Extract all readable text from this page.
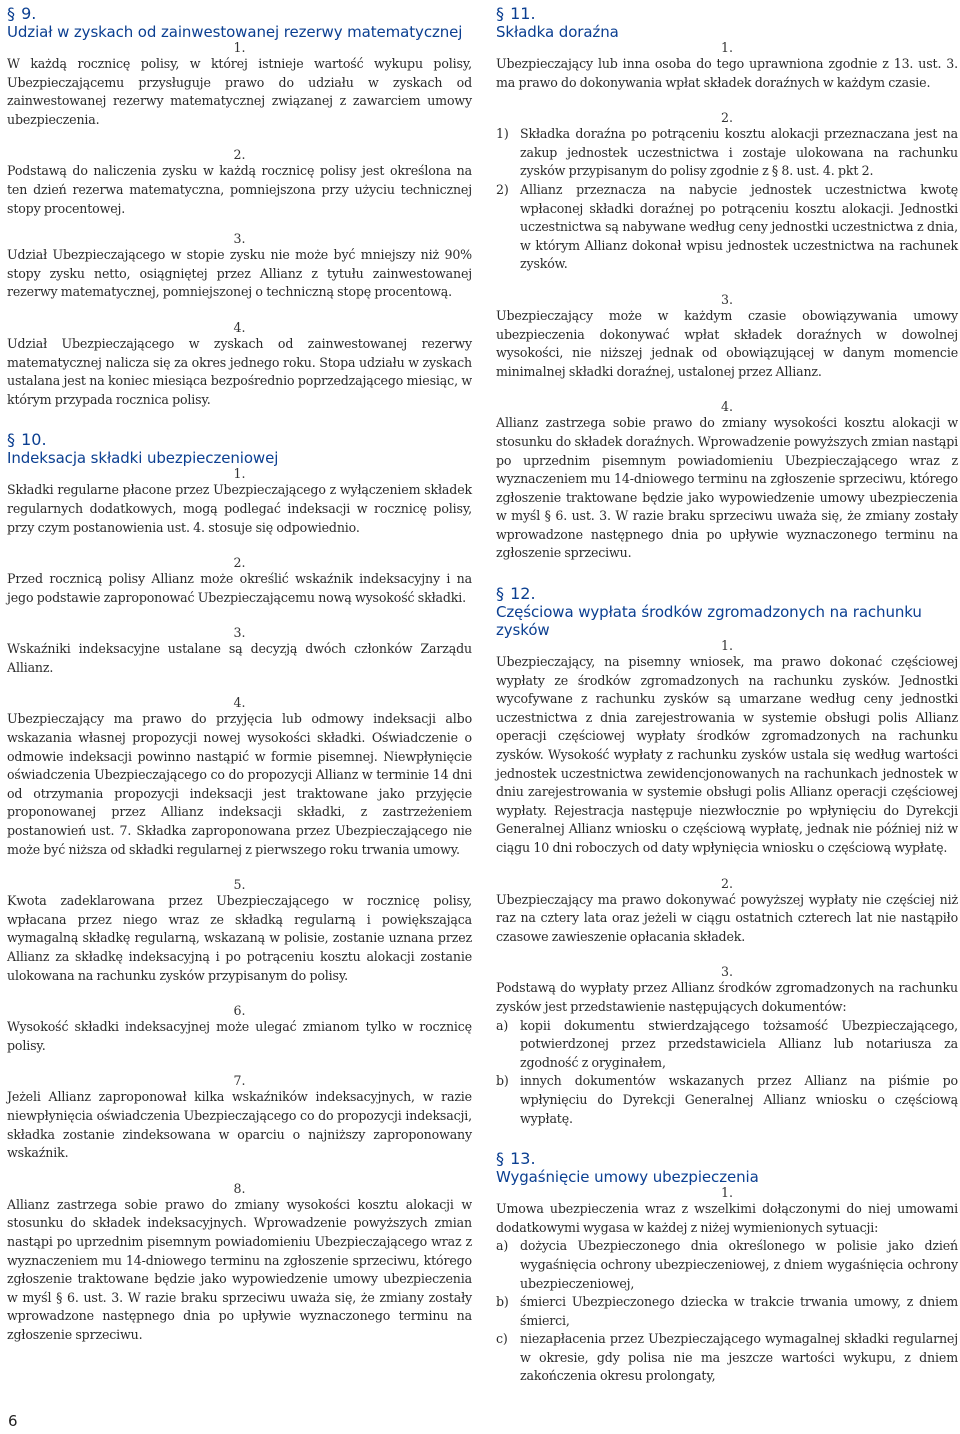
§ 9.

Udział w zyskach od zainwestowanej rezerwy matematycznej

1.

W każdą rocznicę polisy, w której istnieje wartość wykupu polisy, Ubezpieczającemu przysługuje prawo do udziału w zyskach od zainwestowanej rezerwy matematycznej związanej z zawarciem umowy ubezpieczenia.

2.

Podstawą do naliczenia zysku w każdą rocznicę polisy jest określona na ten dzień rezerwa matematyczna, pomniejszona przy użyciu technicznej stopy procentowej.

3.

Udział Ubezpieczającego w stopie zysku nie może być mniejszy niż 90% stopy zysku netto, osiągniętej przez Allianz z tytułu zainwestowanej rezerwy matematycznej, pomniejszonej o techniczną stopę procentową.

4.

Udział Ubezpieczającego w zyskach od zainwestowanej rezerwy matematycznej nalicza się za okres jednego roku. Stopa udziału w zyskach ustalana jest na koniec miesiąca bezpośrednio poprzedzającego miesiąc, w którym przypada rocznica polisy.

§ 10.

Indeksacja składki ubezpieczeniowej

1.

Składki regularne płacone przez Ubezpieczającego z wyłączeniem składek regularnych dodatkowych, mogą podlegać indeksacji w rocznicę polisy, przy czym postanowienia ust. 4. stosuje się odpowiednio.

2.

Przed rocznicą polisy Allianz może określić wskaźnik indeksacyjny i na jego podstawie zaproponować Ubezpieczającemu nową wysokość składki.

3.

Wskaźniki indeksacyjne ustalane są decyzją dwóch członków Zarządu Allianz.

4.

Ubezpieczający ma prawo do przyjęcia lub odmowy indeksacji albo wskazania własnej propozycji nowej wysokości składki. Oświadczenie o odmowie indeksacji powinno nastąpić w formie pisemnej. Niewpłynięcie oświadczenia Ubezpieczającego co do propozycji Allianz w terminie 14 dni od otrzymania propozycji indeksacji jest traktowane jako przyjęcie proponowanej przez Allianz indeksacji składki, z zastrzeżeniem postanowień ust. 7. Składka zaproponowana przez Ubezpieczającego nie może być niższa od składki regularnej z pierwszego roku trwania umowy.

5.

Kwota zadeklarowana przez Ubezpieczającego w rocznicę polisy, wpłacana przez niego wraz ze składką regularną i powiększająca wymagalną składkę regularną, wskazaną w polisie, zostanie uznana przez Allianz za składkę indeksacyjną i po potrąceniu kosztu alokacji zostanie ulokowana na rachunku zysków przypisanym do polisy.

6.

Wysokość składki indeksacyjnej może ulegać zmianom tylko w rocznicę polisy.

7.

Jeżeli Allianz zaproponował kilka wskaźników indeksacyjnych, w razie niewpłynięcia oświadczenia Ubezpieczającego co do propozycji indeksacji, składka zostanie zindeksowana w oparciu o najniższy zaproponowany wskaźnik.

8.

Allianz zastrzega sobie prawo do zmiany wysokości kosztu alokacji w stosunku do składek indeksacyjnych. Wprowadzenie powyższych zmian nastąpi po uprzednim pisemnym powiadomieniu Ubezpieczającego wraz z wyznaczeniem mu 14-dniowego terminu na zgłoszenie sprzeciwu, którego zgłoszenie traktowane będzie jako wypowiedzenie umowy ubezpieczenia w myśl § 6. ust. 3. W razie braku sprzeciwu uważa się, że zmiany zostały wprowadzone następnego dnia po upływie wyznaczonego terminu na zgłoszenie sprzeciwu.

§ 11.

Składka doraźna

1.

Ubezpieczający lub inna osoba do tego uprawniona zgodnie z 13. ust. 3. ma prawo do dokonywania wpłat składek doraźnych w każdym czasie.

2.

1) Składka doraźna po potrąceniu kosztu alokacji przeznaczana jest na zakup jednostek uczestnictwa i zostaje ulokowana na rachunku zysków przypisanym do polisy zgodnie z § 8. ust. 4. pkt 2.
2) Allianz przeznacza na nabycie jednostek uczestnictwa kwotę wpłaconej składki doraźnej po potrąceniu kosztu alokacji. Jednostki uczestnictwa są nabywane według ceny jednostki uczestnictwa z dnia, w którym Allianz dokonał wpisu jednostek uczestnictwa na rachunek zysków.

3.

Ubezpieczający może w każdym czasie obowiązywania umowy ubezpieczenia dokonywać wpłat składek doraźnych w dowolnej wysokości, nie niższej jednak od obowiązującej w danym momencie minimalnej składki doraźnej, ustalonej przez Allianz.

4.

Allianz zastrzega sobie prawo do zmiany wysokości kosztu alokacji w stosunku do składek doraźnych. Wprowadzenie powyższych zmian nastąpi po uprzednim pisemnym powiadomieniu Ubezpieczającego wraz z wyznaczeniem mu 14-dniowego terminu na zgłoszenie sprzeciwu, którego zgłoszenie traktowane będzie jako wypowiedzenie umowy ubezpieczenia w myśl § 6. ust. 3. W razie braku sprzeciwu uważa się, że zmiany zostały wprowadzone następnego dnia po upływie wyznaczonego terminu na zgłoszenie sprzeciwu.

§ 12.

Częściowa wypłata środków zgromadzonych na rachunku zysków

1.

Ubezpieczający, na pisemny wniosek, ma prawo dokonać częściowej wypłaty ze środków zgromadzonych na rachunku zysków. Jednostki wycofywane z rachunku zysków są umarzane według ceny jednostki uczestnictwa z dnia zarejestrowania w systemie obsługi polis Allianz operacji częściowej wypłaty środków zgromadzonych na rachunku zysków. Wysokość wypłaty z rachunku zysków ustala się według wartości jednostek uczestnictwa zewidencjonowanych na rachunkach jednostek w dniu zarejestrowania w systemie obsługi polis Allianz operacji częściowej wypłaty. Rejestracja następuje niezwłocznie po wpłynięciu do Dyrekcji Generalnej Allianz wniosku o częściową wypłatę, jednak nie później niż w ciągu 10 dni roboczych od daty wpłynięcia wniosku o częściową wypłatę.

2.

Ubezpieczający ma prawo dokonywać powyższej wypłaty nie częściej niż raz na cztery lata oraz jeżeli w ciągu ostatnich czterech lat nie nastąpiło czasowe zawieszenie opłacania składek.

3.

Podstawą do wypłaty przez Allianz środków zgromadzonych na rachunku zysków jest przedstawienie następujących dokumentów:

a) kopii dokumentu stwierdzającego tożsamość Ubezpieczającego, potwierdzonej przez przedstawiciela Allianz lub notariusza za zgodność z oryginałem,
b) innych dokumentów wskazanych przez Allianz na piśmie po wpłynięciu do Dyrekcji Generalnej Allianz wniosku o częściową wypłatę.

§ 13.

Wygaśnięcie umowy ubezpieczenia

1.

Umowa ubezpieczenia wraz z wszelkimi dołączonymi do niej umowami dodatkowymi wygasa w każdej z niżej wymienionych sytuacji:

a) dożycia Ubezpieczonego dnia określonego w polisie jako dzień wygaśnięcia ochrony ubezpieczeniowej, z dniem wygaśnięcia ochrony ubezpieczeniowej,
b) śmierci Ubezpieczonego dziecka w trakcie trwania umowy, z dniem śmierci,
c) niezapłacenia przez Ubezpieczającego wymagalnej składki regularnej w okresie, gdy polisa nie ma jeszcze wartości wykupu, z dniem zakończenia okresu prolongaty,
6
